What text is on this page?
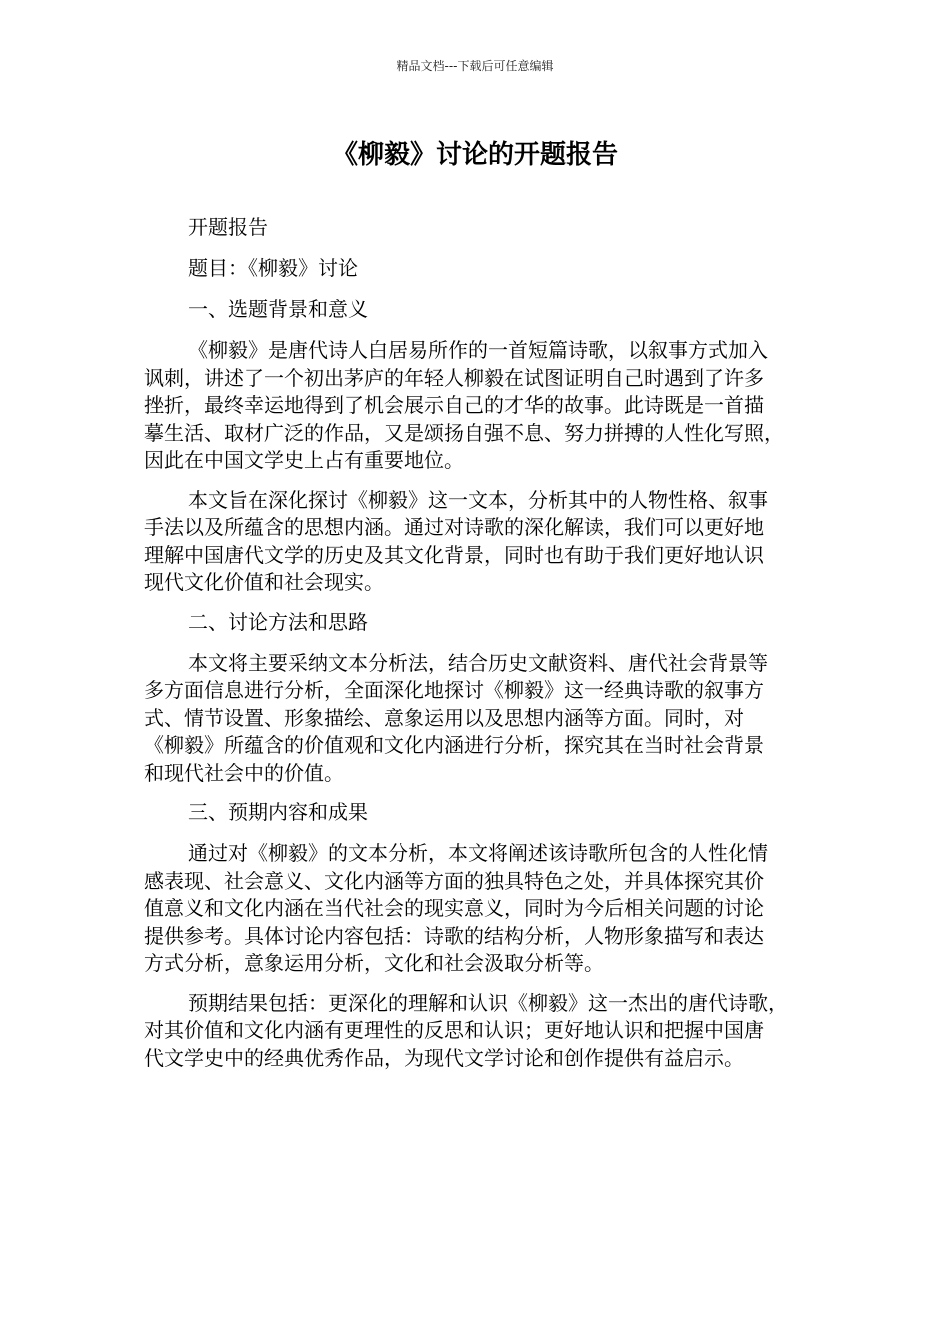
精品文档---下载后可任意编辑
《柳毅》讨论的开题报告

开题报告

题目：《柳毅》讨论

一、选题背景和意义

《柳毅》是唐代诗人白居易所作的一首短篇诗歌，以叙事方式加入
讽刺，讲述了一个初出茅庐的年轻人柳毅在试图证明自己时遇到了许多
挫折，最终幸运地得到了机会展示自己的才华的故事。此诗既是一首描
摹生活、取材广泛的作品，又是颂扬自强不息、努力拼搏的人性化写照，
因此在中国文学史上占有重要地位。
本文旨在深化探讨《柳毅》这一文本，分析其中的人物性格、叙事
手法以及所蕴含的思想内涵。通过对诗歌的深化解读，我们可以更好地
理解中国唐代文学的历史及其文化背景，同时也有助于我们更好地认识
现代文化价值和社会现实。

二、讨论方法和思路

本文将主要采纳文本分析法，结合历史文献资料、唐代社会背景等
多方面信息进行分析，全面深化地探讨《柳毅》这一经典诗歌的叙事方
式、情节设置、形象描绘、意象运用以及思想内涵等方面。同时，对
《柳毅》所蕴含的价值观和文化内涵进行分析，探究其在当时社会背景
和现代社会中的价值。

三、预期内容和成果

通过对《柳毅》的文本分析，本文将阐述该诗歌所包含的人性化情
感表现、社会意义、文化内涵等方面的独具特色之处，并具体探究其价
值意义和文化内涵在当代社会的现实意义，同时为今后相关问题的讨论
提供参考。具体讨论内容包括：诗歌的结构分析，人物形象描写和表达
方式分析，意象运用分析，文化和社会汲取分析等。
预期结果包括：更深化的理解和认识《柳毅》这一杰出的唐代诗歌，
对其价值和文化内涵有更理性的反思和认识；更好地认识和把握中国唐
代文学史中的经典优秀作品，为现代文学讨论和创作提供有益启示。
